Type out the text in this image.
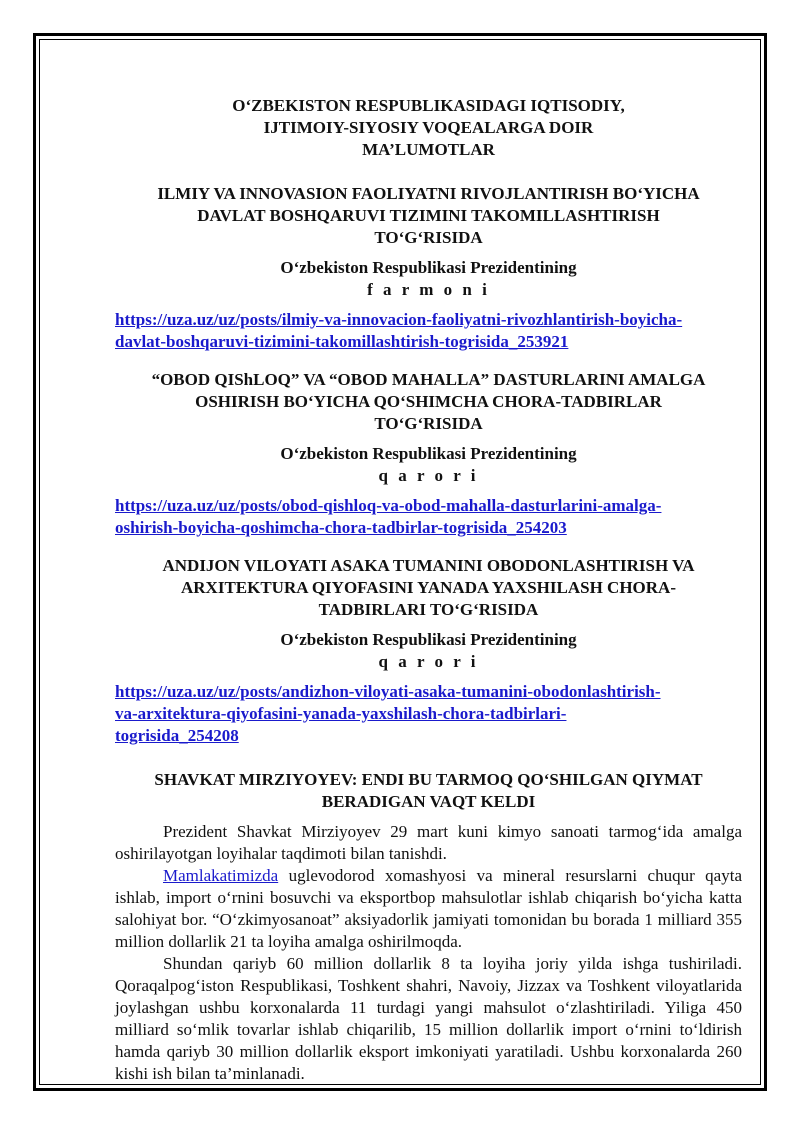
O‘ZBEKISTON RESPUBLIKASIDAGI IQTISODIY,

IJTIMOIY-SIYOSIY VOQEALARGA DOIR

MA’LUMOTLAR

ILMIY VA INNOVASION FAOLIYATNI RIVOJLANTIRISH BO‘YICHA

DAVLAT BOSHQARUVI TIZIMINI TAKOMILLASHTIRISH

TO‘G‘RISIDA

O‘zbekiston Respublikasi Prezidentining

f a r m o n i

https://uza.uz/uz/posts/ilmiy-va-innovacion-faoliyatni-rivozhlantirish-boyicha-
davlat-boshqaruvi-tizimini-takomillashtirish-togrisida_253921

“OBOD QIShLOQ” VA “OBOD MAHALLA” DASTURLARINI AMALGA

OSHIRISH BO‘YICHA QO‘SHIMCHA CHORA-TADBIRLAR

TO‘G‘RISIDA

O‘zbekiston Respublikasi Prezidentining

q a r o r i

https://uza.uz/uz/posts/obod-qishloq-va-obod-mahalla-dasturlarini-amalga-
oshirish-boyicha-qoshimcha-chora-tadbirlar-togrisida_254203

ANDIJON VILOYATI ASAKA TUMANINI OBODONLASHTIRISH VA

ARXITEKTURA QIYOFASINI YANADA YAXSHILASH CHORA-

TADBIRLARI TO‘G‘RISIDA

O‘zbekiston Respublikasi Prezidentining

q a r o r i

https://uza.uz/uz/posts/andizhon-viloyati-asaka-tumanini-obodonlashtirish-
va-arxitektura-qiyofasini-yanada-yaxshilash-chora-tadbirlari-
togrisida_254208

SHAVKAT MIRZIYOYEV: ENDI BU TARMOQ QO‘SHILGAN QIYMAT

BERADIGAN VAQT KELDI

Prezident Shavkat Mirziyoyev 29 mart kuni kimyo sanoati tarmog‘ida amalga oshirilayotgan loyihalar taqdimoti bilan tanishdi.

Mamlakatimizda uglevodorod xomashyosi va mineral resurslarni chuqur qayta ishlab, import o‘rnini bosuvchi va eksportbop mahsulotlar ishlab chiqarish bo‘yicha katta salohiyat bor. “O‘zkimyosanoat” aksiyadorlik jamiyati tomonidan bu borada 1 milliard 355 million dollarlik 21 ta loyiha amalga oshirilmoqda.

Shundan qariyb 60 million dollarlik 8 ta loyiha joriy yilda ishga tushiriladi. Qoraqalpog‘iston Respublikasi, Toshkent shahri, Navoiy, Jizzax va Toshkent viloyatlarida joylashgan ushbu korxonalarda 11 turdagi yangi mahsulot o‘zlashtiriladi. Yiliga 450 milliard so‘mlik tovarlar ishlab chiqarilib, 15 million dollarlik import o‘rnini to‘ldirish hamda qariyb 30 million dollarlik eksport imkoniyati yaratiladi. Ushbu korxonalarda 260 kishi ish bilan ta’minlanadi.
